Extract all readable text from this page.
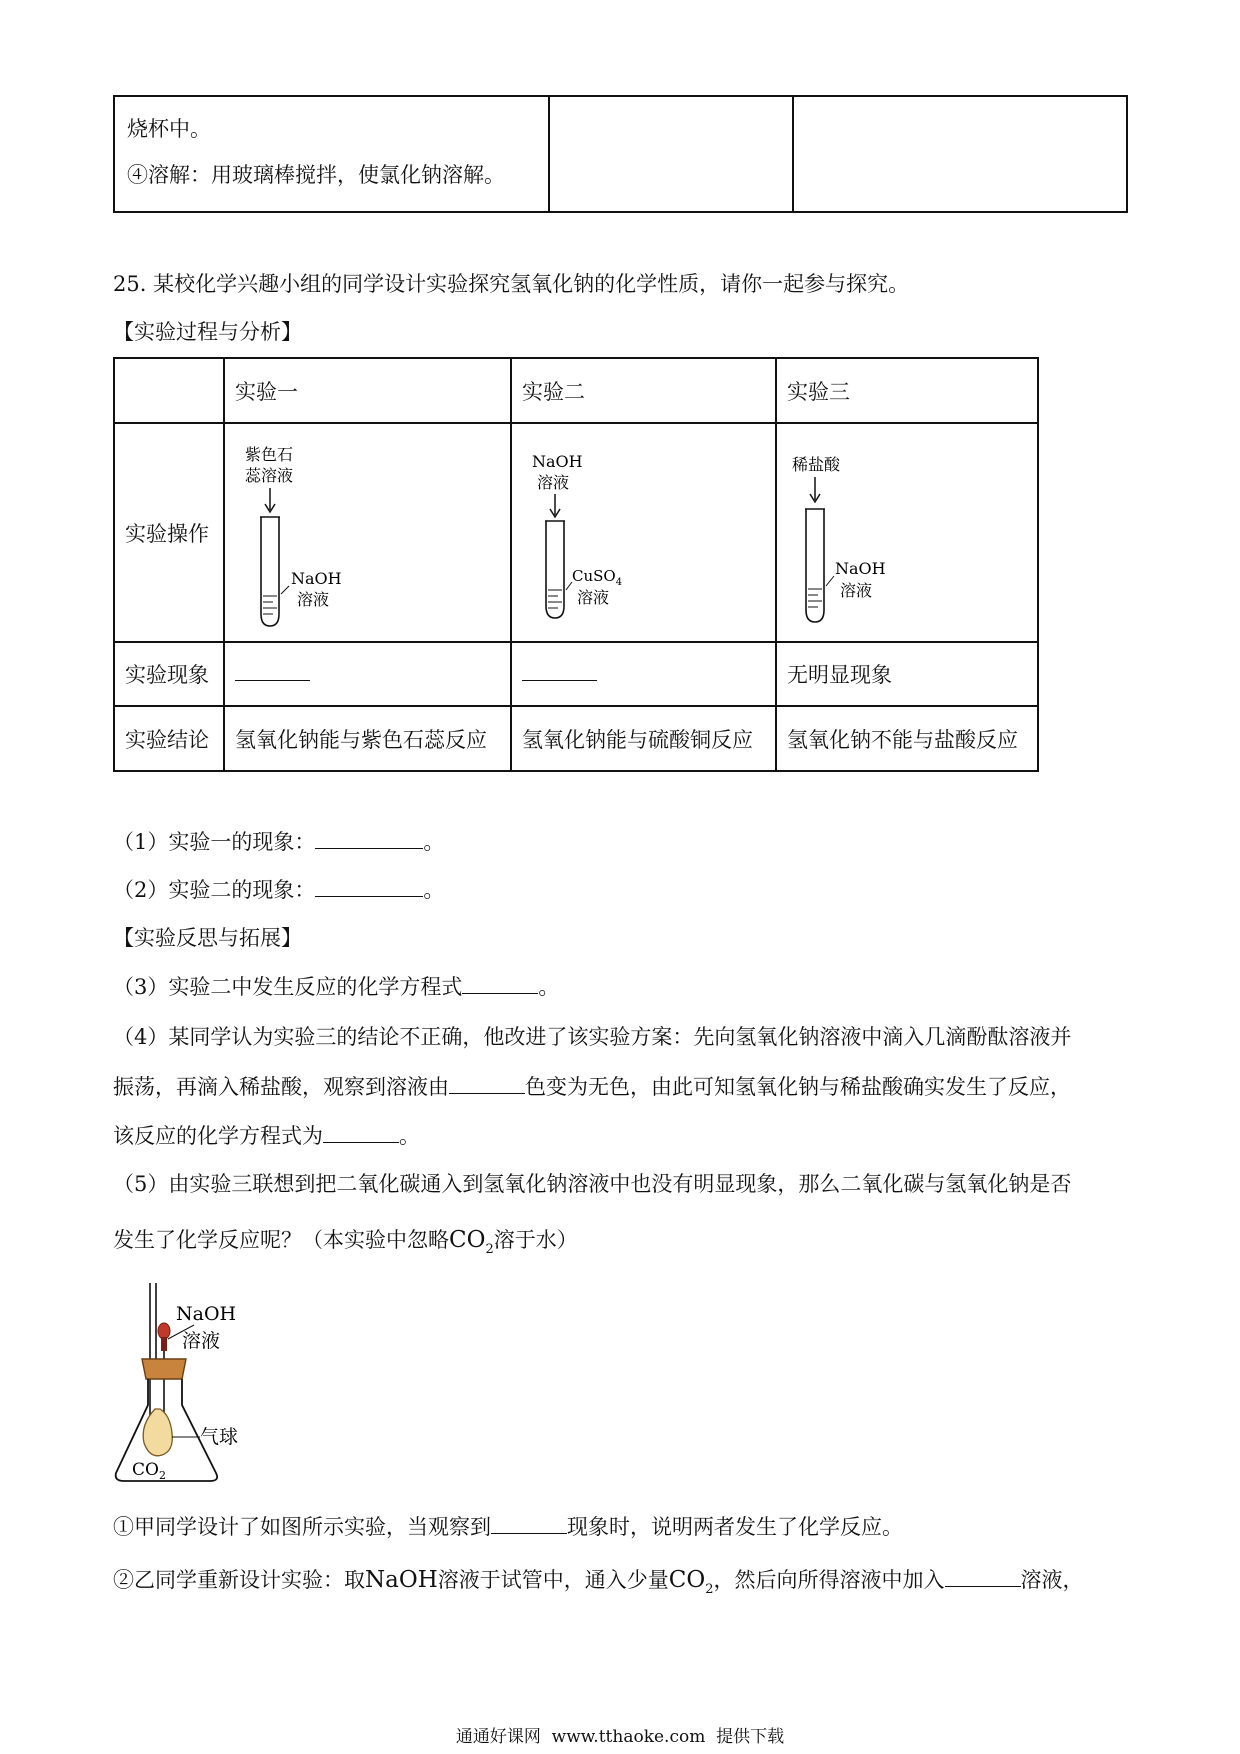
烧杯中。
④溶解：用玻璃棒搅拌，使氯化钠溶解。
25. 某校化学兴趣小组的同学设计实验探究氢氧化钠的化学性质，请你一起参与探究。
【实验过程与分析】
	实验一	实验二	实验三
实验操作	紫色石
蕊溶液
NaOH
溶液	NaOH
溶液
CuSO$_4$
溶液	稀盐酸
NaOH
溶液

实验现象			无明显现象
实验结论	氢氧化钠能与紫色石蕊反应	氢氧化钠能与硫酸铜反应	氢氧化钠不能与盐酸反应
（1）实验一的现象：	。
（2）实验二的现象：	。
【实验反思与拓展】
（3）实验二中发生反应的化学方程式	。
（4）某同学认为实验三的结论不正确，他改进了该实验方案：先向氢氧化钠溶液中滴入几滴酚酞溶液并
振荡，再滴入稀盐酸，观察到溶液由	色变为无色，由此可知氢氧化钠与稀盐酸确实发生了反应，
该反应的化学方程式为	。
（5）由实验三联想到把二氧化碳通入到氢氧化钠溶液中也没有明显现象，那么二氧化碳与氢氧化钠是否
发生了化学反应呢？（本实验中忽略$CO_2$溶于水）
NaOH
溶液
气球
$CO_2$
①甲同学设计了如图所示实验，当观察到	现象时，说明两者发生了化学反应。
②乙同学重新设计实验：取NaOH溶液于试管中，通入少量$CO_2$，然后向所得溶液中加入	溶液，
通通好课网  www.tthaoke.com  提供下载
